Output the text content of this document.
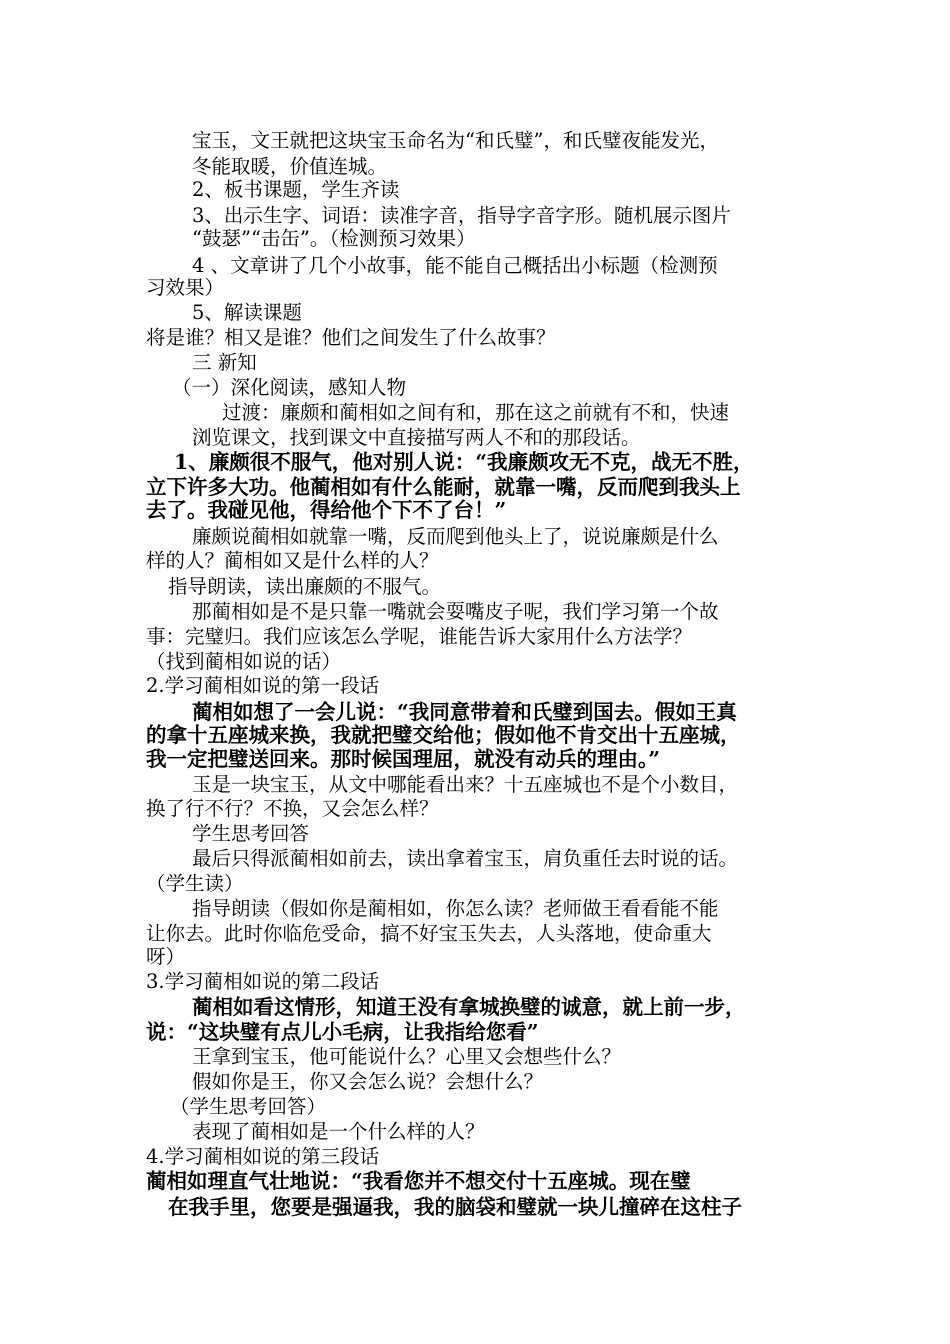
宝玉，文王就把这块宝玉命名为“和氏璧”，和氏璧夜能发光，
冬能取暖，价值连城。
2、板书课题，学生齐读
3、出示生字、词语：读准字音，指导字音字形。随机展示图片
“鼓瑟”“击缶”。（检测预习效果）
4 、文章讲了几个小故事，能不能自己概括出小标题（检测预
习效果）
5、解读课题
将是谁？相又是谁？他们之间发生了什么故事？
三 新知
（一）深化阅读，感知人物
过渡：廉颇和蔺相如之间有和，那在这之前就有不和，快速
浏览课文，找到课文中直接描写两人不和的那段话。
1、廉颇很不服气，他对别人说：“我廉颇攻无不克，战无不胜，
立下许多大功。他蔺相如有什么能耐，就靠一嘴，反而爬到我头上
去了。我碰见他，得给他个下不了台！”
廉颇说蔺相如就靠一嘴，反而爬到他头上了，说说廉颇是什么
样的人？蔺相如又是什么样的人？
指导朗读，读出廉颇的不服气。
那蔺相如是不是只靠一嘴就会耍嘴皮子呢，我们学习第一个故
事：完璧归。我们应该怎么学呢，谁能告诉大家用什么方法学？
（找到蔺相如说的话）
2.学习蔺相如说的第一段话
蔺相如想了一会儿说：“我同意带着和氏璧到国去。假如王真
的拿十五座城来换，我就把璧交给他；假如他不肯交出十五座城，
我一定把璧送回来。那时候国理屈，就没有动兵的理由。”
玉是一块宝玉，从文中哪能看出来？十五座城也不是个小数目，
换了行不行？不换，又会怎么样？
学生思考回答
最后只得派蔺相如前去，读出拿着宝玉，肩负重任去时说的话。
（学生读）
指导朗读（假如你是蔺相如，你怎么读？老师做王看看能不能
让你去。此时你临危受命，搞不好宝玉失去，人头落地，使命重大
呀）
3.学习蔺相如说的第二段话
蔺相如看这情形，知道王没有拿城换璧的诚意，就上前一步，
说：“这块璧有点儿小毛病，让我指给您看”
王拿到宝玉，他可能说什么？心里又会想些什么？
假如你是王，你又会怎么说？会想什么？
（学生思考回答）
表现了蔺相如是一个什么样的人？
4.学习蔺相如说的第三段话
蔺相如理直气壮地说：“我看您并不想交付十五座城。现在璧
在我手里，您要是强逼我，我的脑袋和璧就一块儿撞碎在这柱子
